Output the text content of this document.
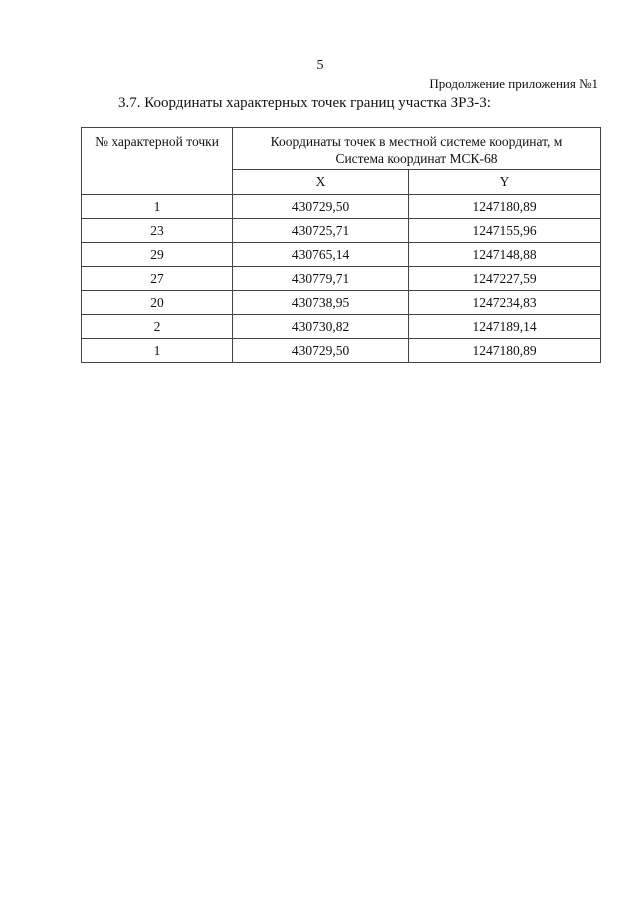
5
Продолжение приложения №1
3.7. Координаты характерных точек границ участка ЗРЗ-3:
№ характерной точки	Координаты точек в местной системе координат, м
Система координат МСК-68	
	X	Y
1	430729,50	1247180,89
23	430725,71	1247155,96
29	430765,14	1247148,88
27	430779,71	1247227,59
20	430738,95	1247234,83
2	430730,82	1247189,14
1	430729,50	1247180,89
